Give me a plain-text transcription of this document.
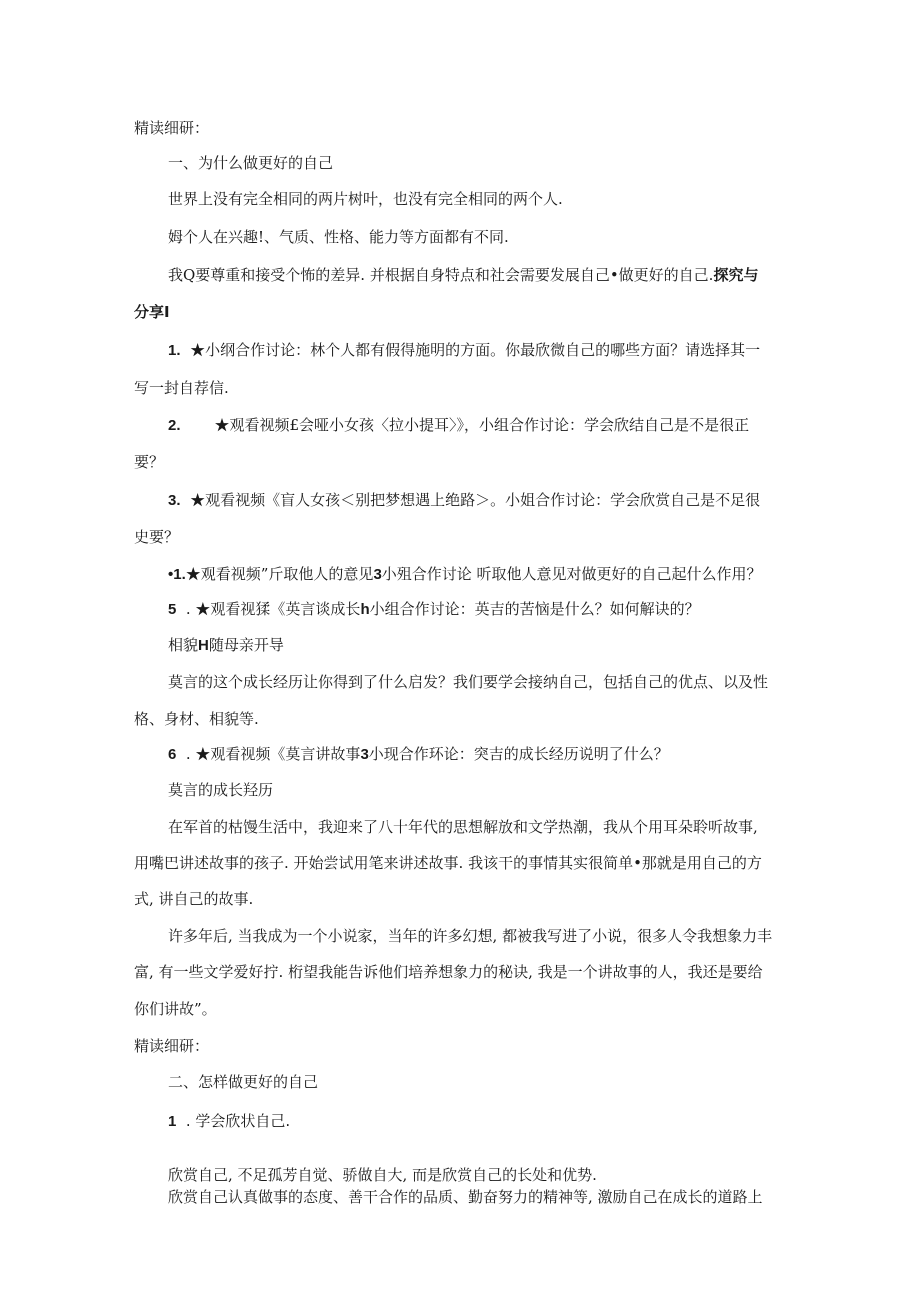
精读细研：
一、为什么做更好的自己
世界上没有完全相同的两片树叶，也没有完全相同的两个人.
姆个人在兴趣!、气质、性格、能力等方面都有不同.
我Q要尊重和接受个怖的差异. 并根据自身特点和社会需要发展自己•做更好的自己.探究与
分享I
1. ★小纲合作讨论：林个人都有假得施明的方面。你最欣微自己的哪些方面？请选择其一
写一封自荐信.
2. ★观看视频£会哑小女孩〈拉小提耳〉》，小组合作讨论：学会欣结自己是不是很正
要？
3. ★观看视频《盲人女孩＜别把梦想遇上绝路＞。小姐合作讨论：学会欣赏自己是不足很
史要？
•1.★观看视频”斤取他人的意见3小殂合作讨论 听取他人意见对做更好的自己起什么作用？
5 . ★观看视猱《英言谈成长h小组合作讨论：英吉的苦恼是什么？如何解诀的？
相貌H随母亲开导
莫言的这个成长经历让你得到了什么启发？我们要学会接纳自己，包括自己的优点、以及性
格、身材、相貌等.
6 . ★观看视频《莫言讲故事3小现合作环论：突吉的成长经历说明了什么？
莫言的成长羟历
在军首的枯馒生活中，我迎来了八十年代的思想解放和文学热潮，我从个用耳朵聆听故事,
用嘴巴讲述故事的孩子. 开始尝试用笔来讲述故事. 我该干的事情其实很简单•那就是用自己的方
式, 讲自己的故事.
许多年后, 当我成为一个小说家，当年的许多幻想, 都被我写进了小说，很多人令我想象力丰
富, 有一些文学爱好拧. 桁望我能告诉他们培养想象力的秘诀, 我是一个讲故事的人，我还是要给
你们讲故”。
精读细研：
二、怎样做更好的自己
1 . 学会欣状自己.
欣赏自己, 不足孤芳自觉、骄做自大, 而是欣赏自己的长处和优势.
欣赏自己认真做事的态度、善干合作的品质、勤奋努力的精神等, 激励自己在成长的道路上
